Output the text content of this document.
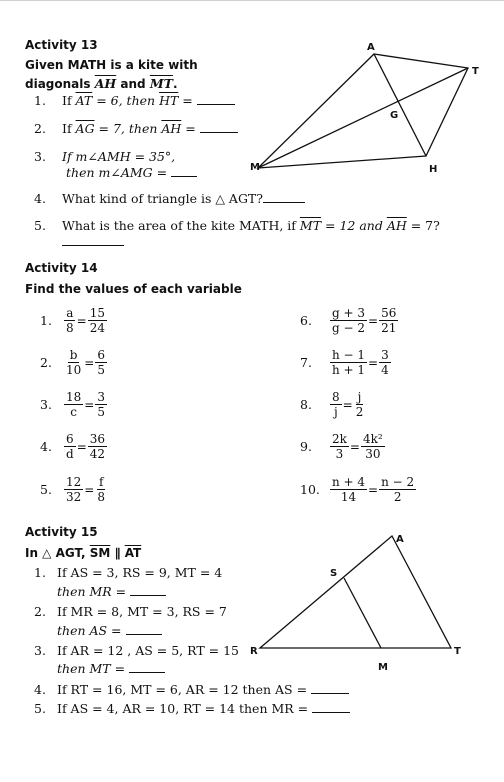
Activity 13
Given MATH is a kite with
diagonals $\overline{AH}$ and $\overline{MT}$.
1. If $\overline{AT} = 6$, then $\overline{HT}$ =
2. If $\overline{AG} = 7$, then $\overline{AH}$ =
3. If m∠AMH = 35°,
then m∠AMG =
4. What kind of triangle is △ AGT?
5. What is the area of the kite MATH, if $\overline{MT} = 12$ and $\overline{AH} = 7$?
A
T
G
M	H
Activity 14
Find the values of each variable
1. $\frac{a}{8} = \frac{15}{24}$
2. $\frac{b}{10} = \frac{6}{5}$
3. $\frac{18}{c} = \frac{3}{5}$
4. $\frac{6}{d} = \frac{36}{42}$
5. $\frac{12}{32} = \frac{f}{8}$
6. $\frac{g + 3}{g - 2} = \frac{56}{21}$
7. $\frac{h - 1}{h + 1} = \frac{3}{4}$
8. $\frac{8}{j} = \frac{j}{2}$
9. $\frac{2k}{3} = \frac{\text{4k²}}{30}$
10. $\frac{n + 4}{14} = \frac{n - 2}{2}$
Activity 15
In △ AGT, $\overline{SM}$ ∥ $\overline{AT}$
1. If AS = 3, RS = 9, MT = 4
then MR =
2. If MR = 8, MT = 3, RS = 7
then AS =
3. If AR = 12 , AS = 5, RT = 15
then MT =
4. If RT = 16, MT = 6, AR = 12 then AS =
5. If AS = 4, AR = 10, RT = 14 then MR =
A
S
R
M
T
